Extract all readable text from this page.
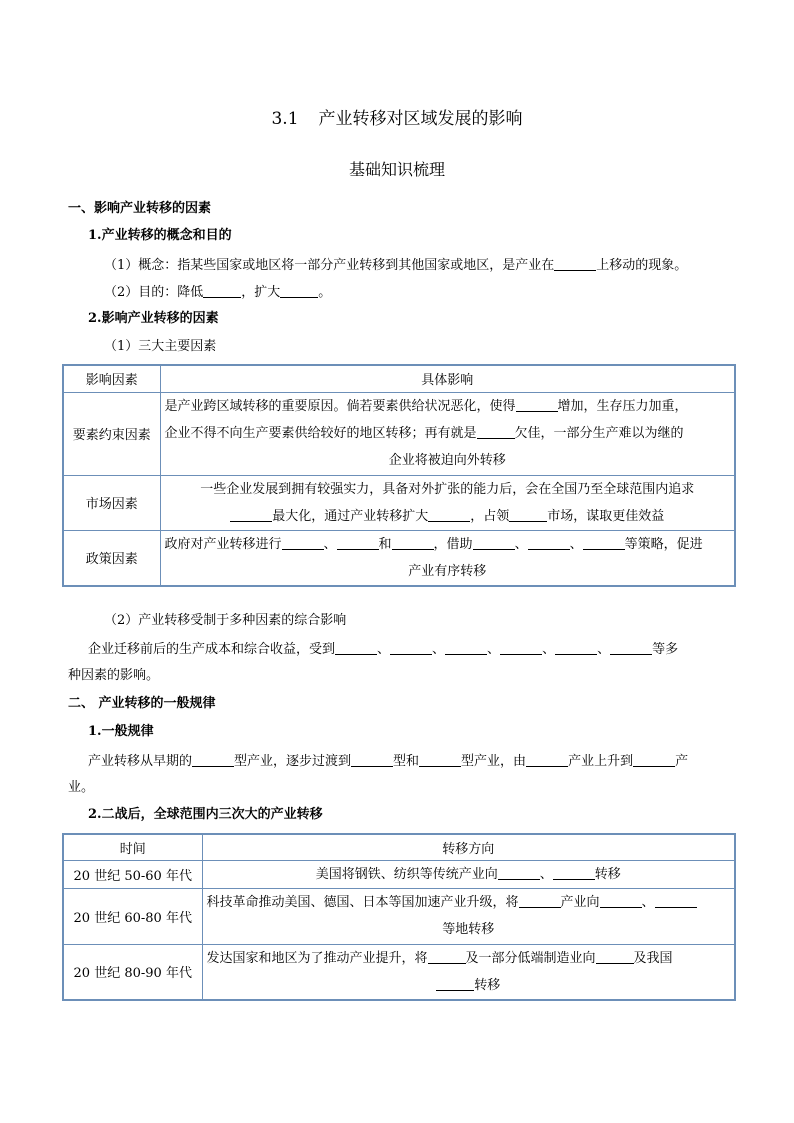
3.1 产业转移对区域发展的影响
基础知识梳理
一、影响产业转移的因素
1.产业转移的概念和目的
（1）概念：指某些国家或地区将一部分产业转移到其他国家或地区，是产业在	上移动的现象。
（2）目的：降低	，扩大	。
2.影响产业转移的因素
（1）三大主要因素
影响因素	具体影响
要素约束因素	是产业跨区域转移的重要原因。倘若要素供给状况恶化，使得 增加，生存压力加重，
企业不得不向生产要素供给较好的地区转移；再有就是 欠佳，一部分生产难以为继的
企业将被迫向外转移

市场因素	一些企业发展到拥有较强实力，具备对外扩张的能力后，会在全国乃至全球范围内追求
最大化，通过产业转移扩大 ，占领 市场，谋取更佳效益

政策因素	政府对产业转移进行 、 和 ，借助 、 、 等策略，促进
产业有序转移
（2）产业转移受制于多种因素的综合影响
企业迁移前后的生产成本和综合收益，受到	、	、	、	、	、	等多
种因素的影响。
二、 产业转移的一般规律
1.一般规律
产业转移从早期的	型产业，逐步过渡到	型和	型产业，由	产业上升到	产
业。
2.二战后，全球范围内三次大的产业转移
时间	转移方向
20 世纪 50-60 年代	美国将钢铁、纺织等传统产业向 、 转移

20 世纪 60-80 年代	科技革命推动美国、德国、日本等国加速产业升级，将 产业向 、
等地转移

20 世纪 80-90 年代	发达国家和地区为了推动产业提升，将 及一部分低端制造业向 及我国
转移
